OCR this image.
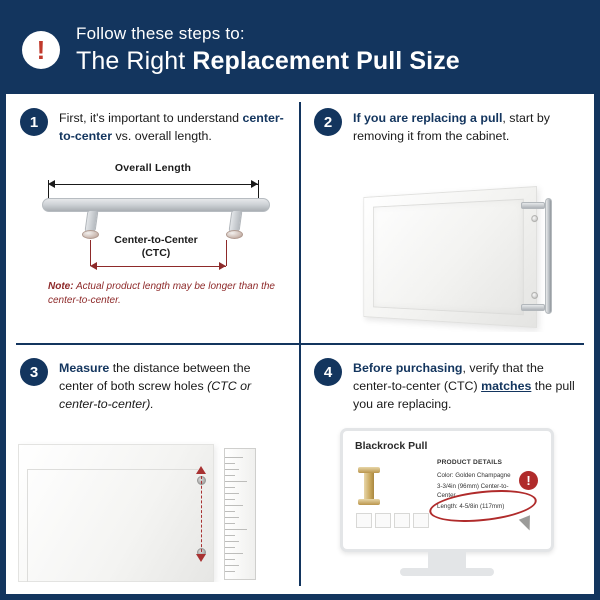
!
Follow these steps to:
The Right Replacement Pull Size
1	First, it's important to understand center-to-center vs. overall length.
Overall Length
Center-to-Center
(CTC)
Note: Actual product length may be longer than the center-to-center.
2	If you are replacing a pull, start by removing it from the cabinet.
3	Measure the distance between the center of both screw holes (CTC or center-to-center).
4	Before purchasing, verify that the center-to-center (CTC) matches the pull you are replacing.
Blackrock Pull
PRODUCT DETAILS
Color: Golden Champagne
3-3/4in (96mm) Center-to-Center
Length: 4-5/8in (117mm)
!
